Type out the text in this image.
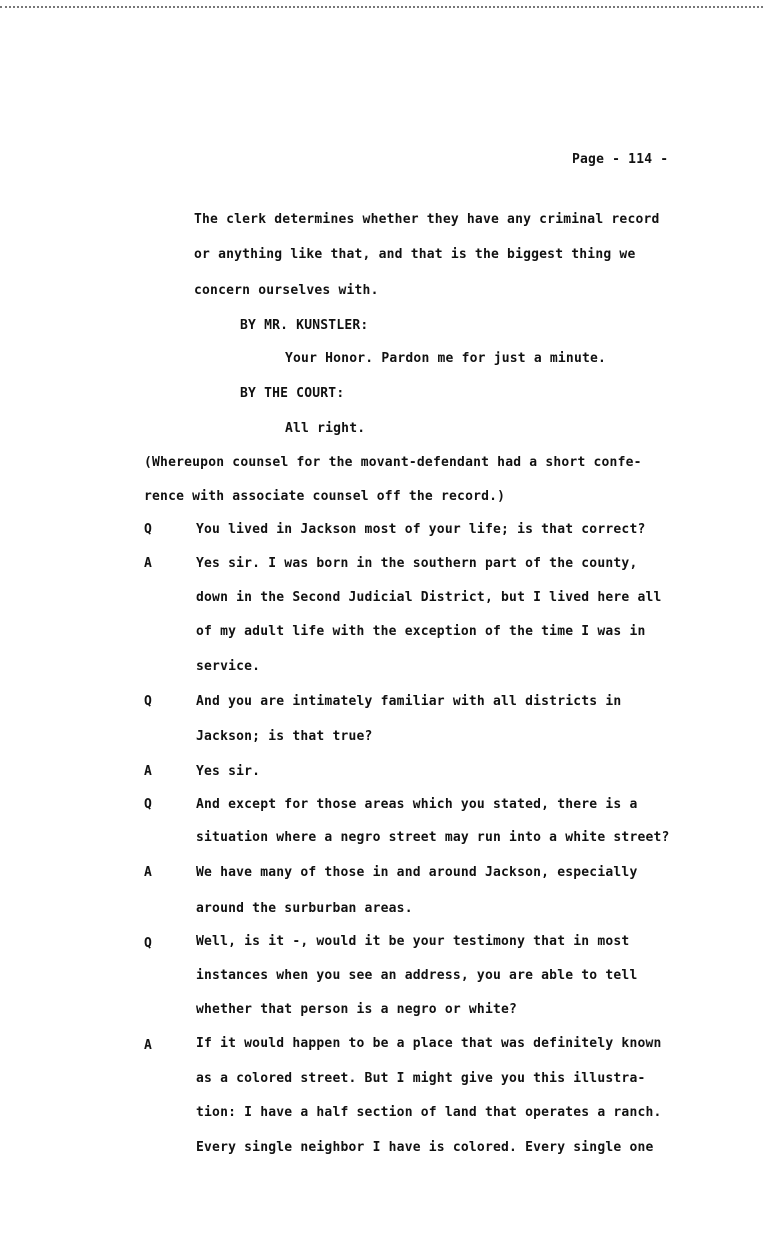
Page - 114 -
The clerk determines whether they have any criminal record
or anything like that, and that is the biggest thing we
concern ourselves with.
BY MR. KUNSTLER:
Your Honor. Pardon me for just a minute.
BY THE COURT:
All right.
(Whereupon counsel for the movant-defendant had a short confe-
rence with associate counsel off the record.)
Q	You lived in Jackson most of your life; is that correct?
A	Yes sir. I was born in the southern part of the county,
down in the Second Judicial District, but I lived here all
of my adult life with the exception of the time I was in
service.
Q	And you are intimately familiar with all districts in
Jackson; is that true?
A	Yes sir.
Q	And except for those areas which you stated, there is a
situation where a negro street may run into a white street?
A	We have many of those in and around Jackson, especially
around the surburban areas.
Q	Well, is it -, would it be your testimony that in most
instances when you see an address, you are able to tell
whether that person is a negro or white?
A	If it would happen to be a place that was definitely known
as a colored street. But I might give you this illustra-
tion: I have a half section of land that operates a ranch.
Every single neighbor I have is colored. Every single one
